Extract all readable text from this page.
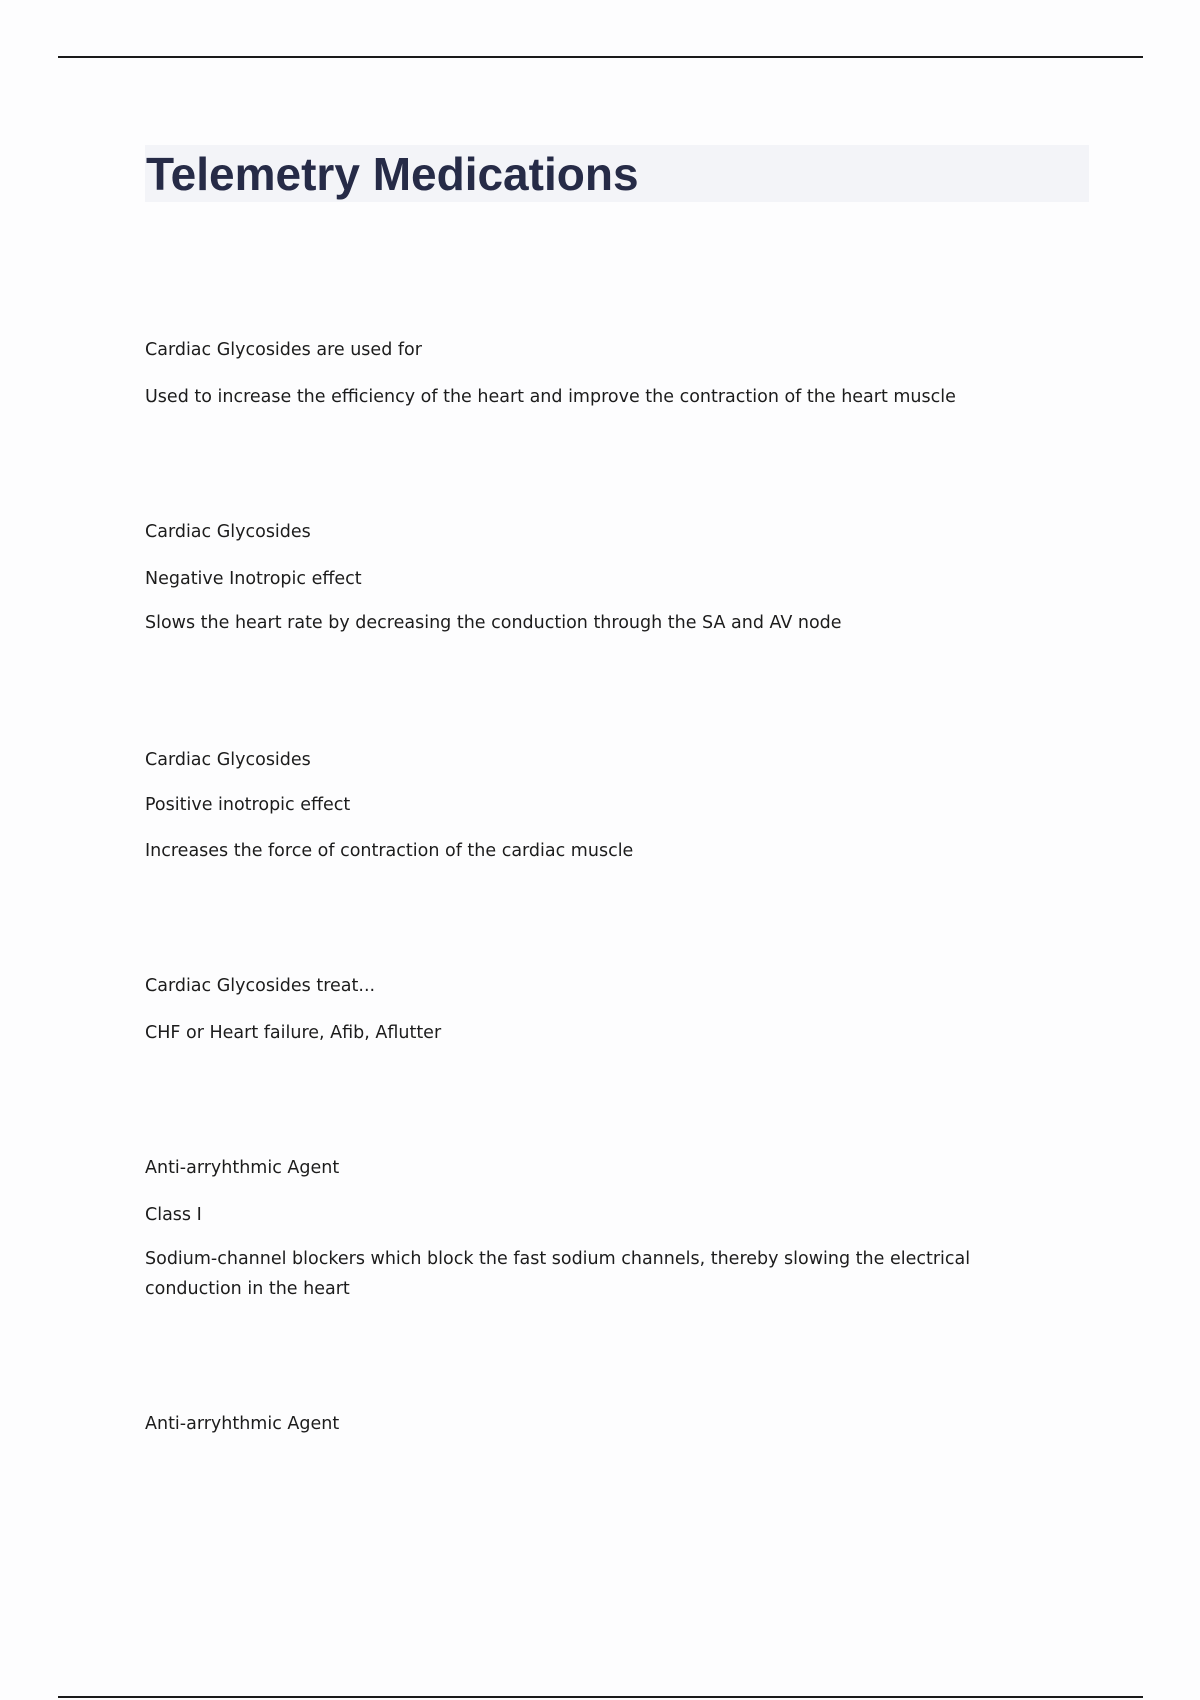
Telemetry Medications

Cardiac Glycosides are used for

Used to increase the efficiency of the heart and improve the contraction of the heart muscle

Cardiac Glycosides

Negative Inotropic effect

Slows the heart rate by decreasing the conduction through the SA and AV node

Cardiac Glycosides

Positive inotropic effect

Increases the force of contraction of the cardiac muscle

Cardiac Glycosides treat...

CHF or Heart failure, Afib, Aflutter

Anti-arryhthmic Agent

Class I

Sodium-channel blockers which block the fast sodium channels, thereby slowing the electrical conduction in the heart

Anti-arryhthmic Agent
